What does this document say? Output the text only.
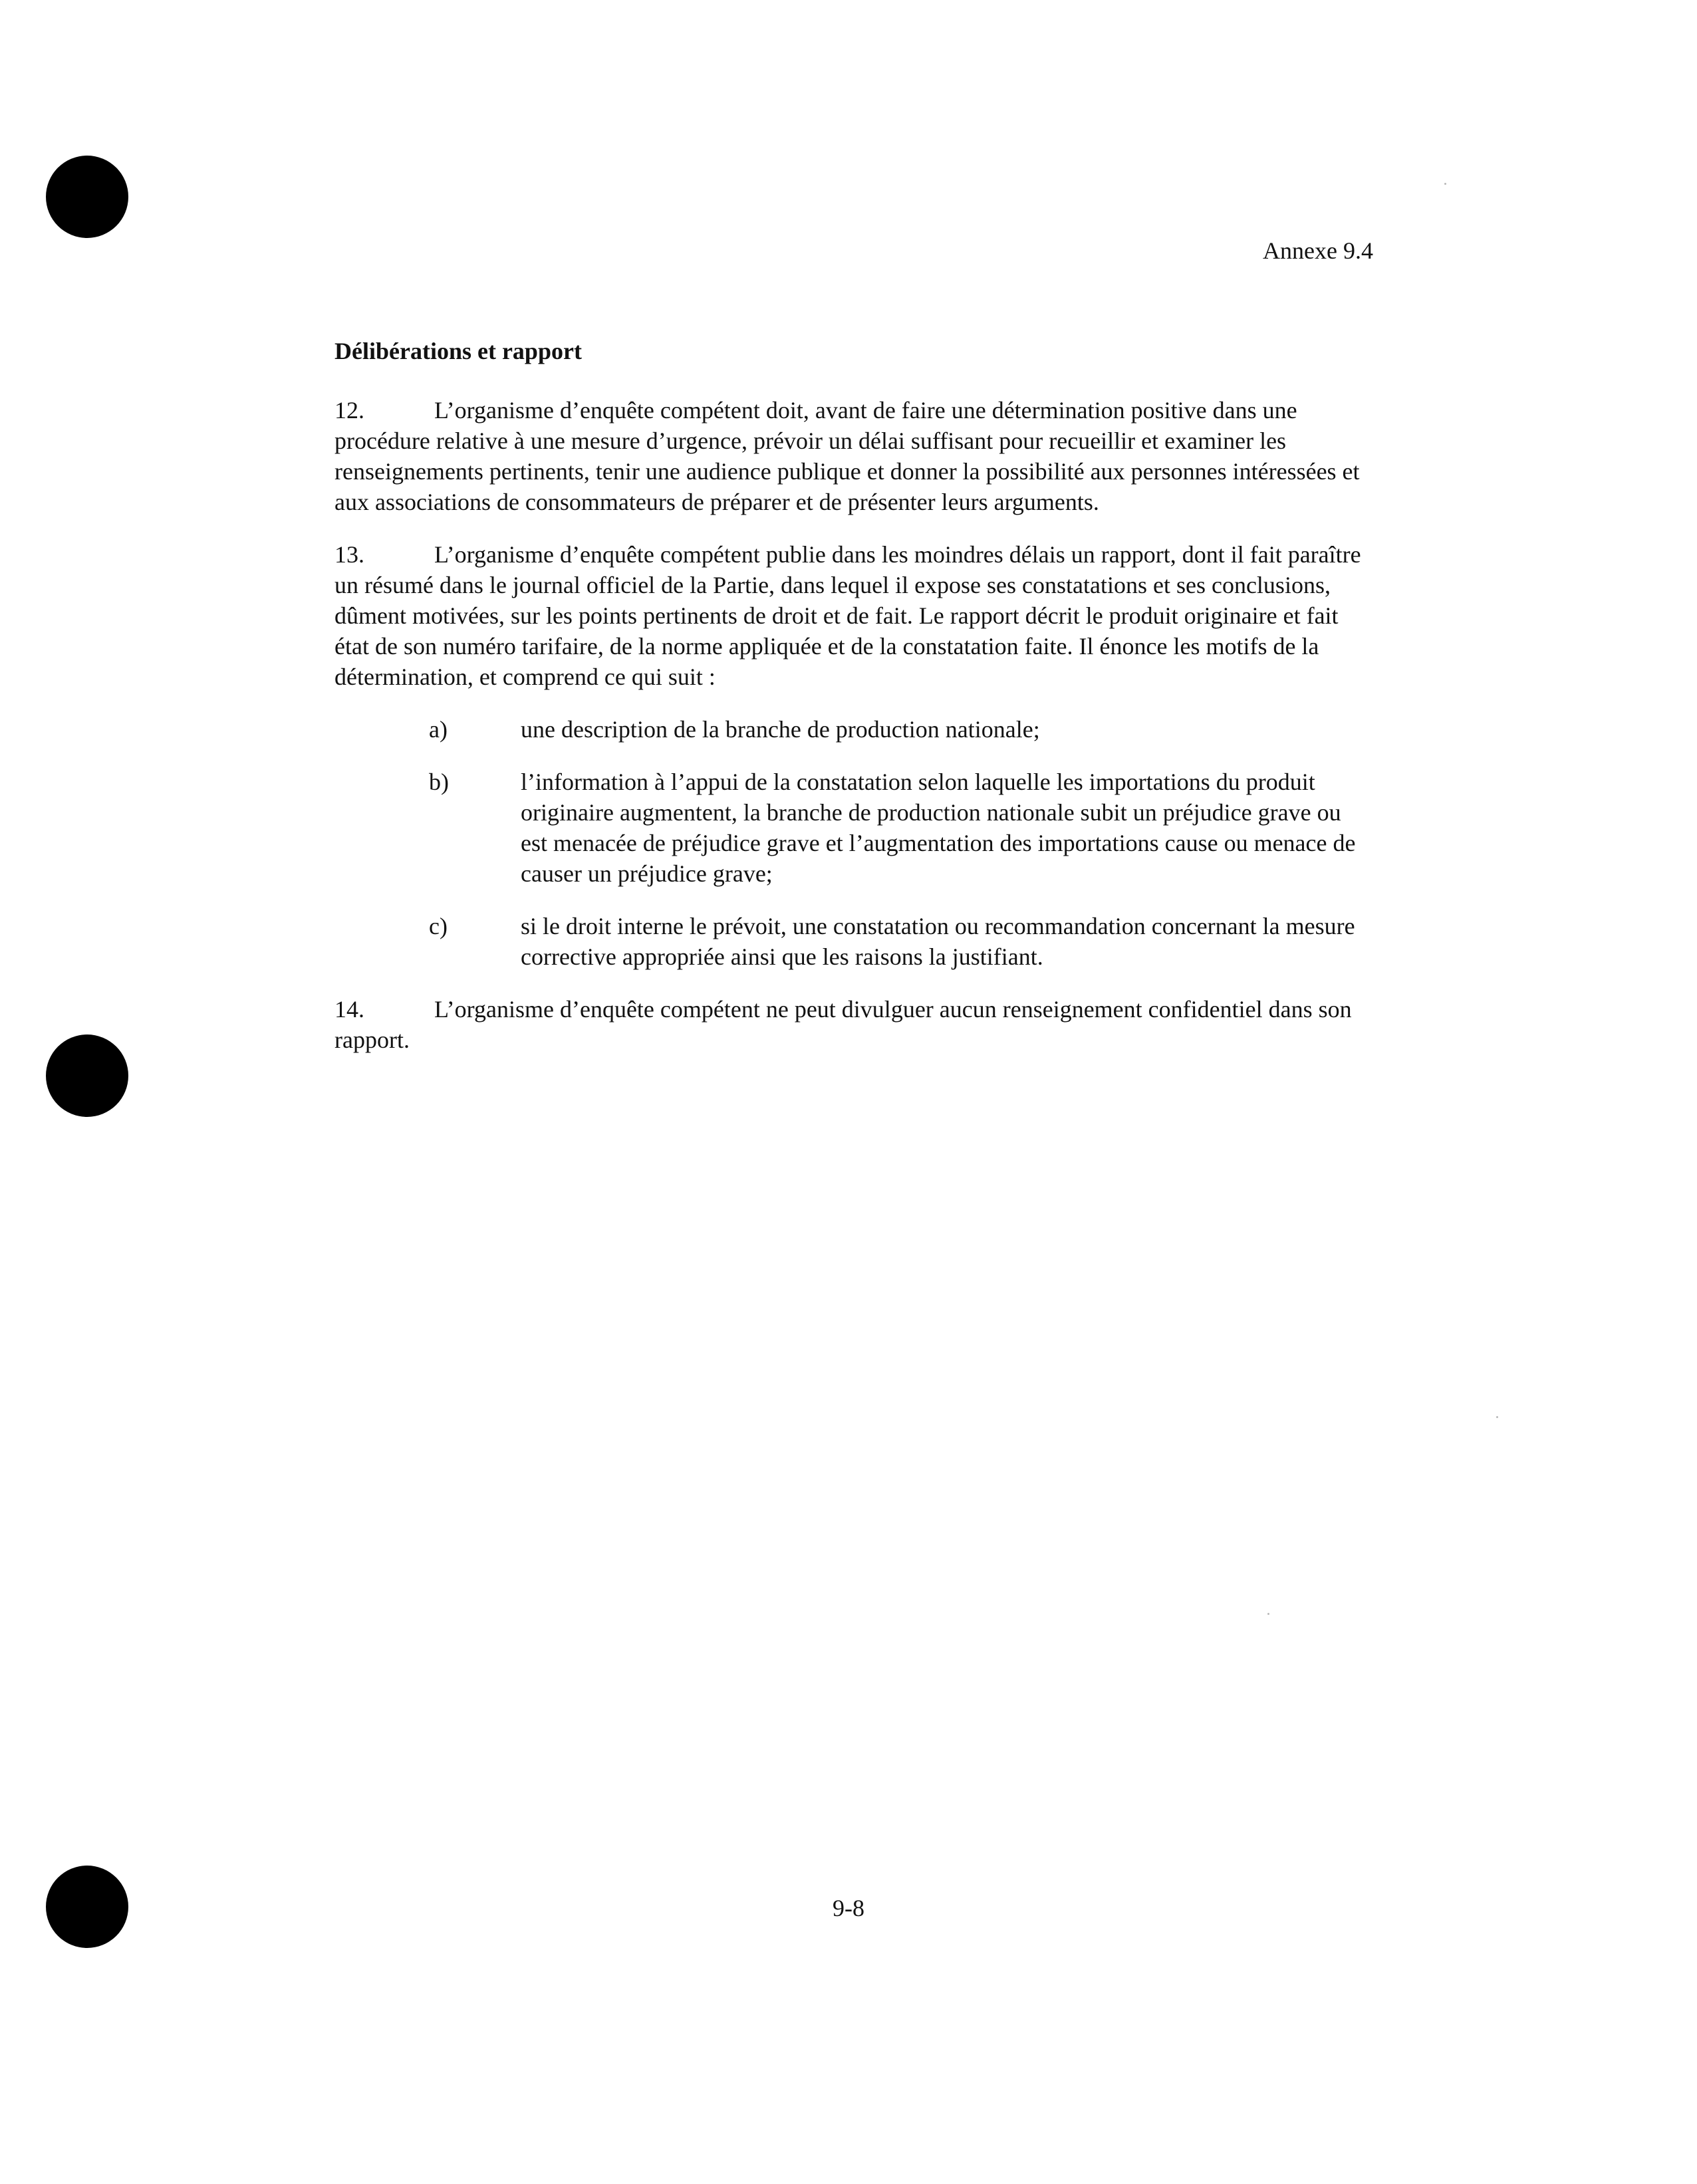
Annexe 9.4
Délibérations et rapport

12.	L’organisme d’enquête compétent doit, avant de faire une détermination positive dans une procédure relative à une mesure d’urgence, prévoir un délai suffisant pour recueillir et examiner les renseignements pertinents, tenir une audience publique et donner la possibilité aux personnes intéressées et aux associations de consommateurs de préparer et de présenter leurs arguments.

13.	L’organisme d’enquête compétent publie dans les moindres délais un rapport, dont il fait paraître un résumé dans le journal officiel de la Partie, dans lequel il expose ses constatations et ses conclusions, dûment motivées, sur les points pertinents de droit et de fait. Le rapport décrit le produit originaire et fait état de son numéro tarifaire, de la norme appliquée et de la constatation faite. Il énonce les motifs de la détermination, et comprend ce qui suit :

a)	une description de la branche de production nationale;
b)	l’information à l’appui de la constatation selon laquelle les importations du produit originaire augmentent, la branche de production nationale subit un préjudice grave ou est menacée de préjudice grave et l’augmentation des importations cause ou menace de causer un préjudice grave;
c)	si le droit interne le prévoit, une constatation ou recommandation concernant la mesure corrective appropriée ainsi que les raisons la justifiant.

14.	L’organisme d’enquête compétent ne peut divulguer aucun renseignement confidentiel dans son rapport.

9-8
